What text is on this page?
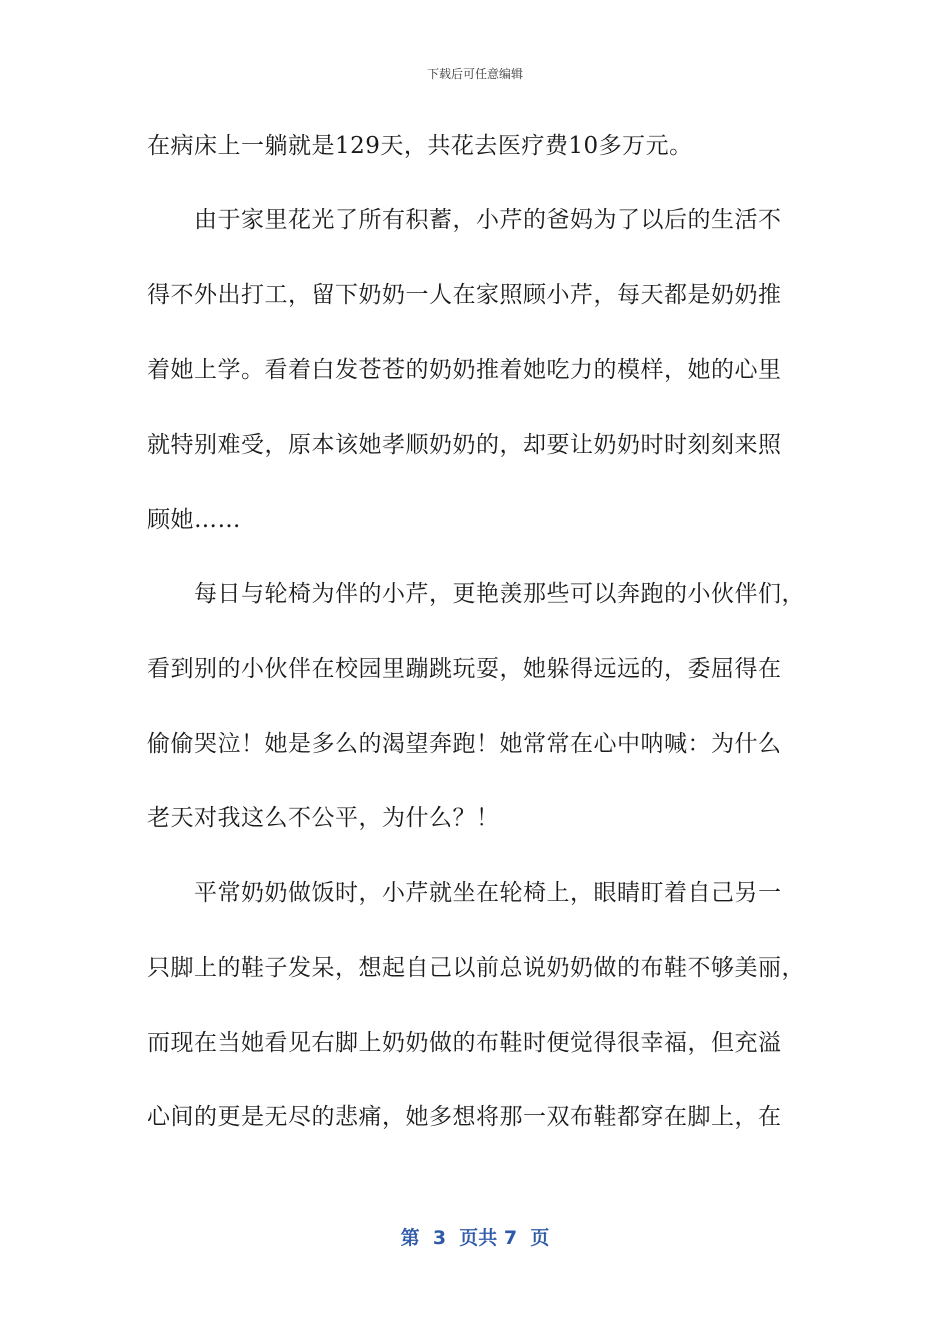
下载后可任意编辑
在病床上一躺就是129天，共花去医疗费10多万元。
　　由于家里花光了所有积蓄，小芹的爸妈为了以后的生活不
得不外出打工，留下奶奶一人在家照顾小芹，每天都是奶奶推
着她上学。看着白发苍苍的奶奶推着她吃力的模样，她的心里
就特别难受，原本该她孝顺奶奶的，却要让奶奶时时刻刻来照
顾她……
　　每日与轮椅为伴的小芹，更艳羡那些可以奔跑的小伙伴们，
看到别的小伙伴在校园里蹦跳玩耍，她躲得远远的，委屈得在
偷偷哭泣！她是多么的渴望奔跑！她常常在心中呐喊：为什么
老天对我这么不公平，为什么？！
　　平常奶奶做饭时，小芹就坐在轮椅上，眼睛盯着自己另一
只脚上的鞋子发呆，想起自己以前总说奶奶做的布鞋不够美丽，
而现在当她看见右脚上奶奶做的布鞋时便觉得很幸福，但充溢
心间的更是无尽的悲痛，她多想将那一双布鞋都穿在脚上，在
第  3  页共 7  页
